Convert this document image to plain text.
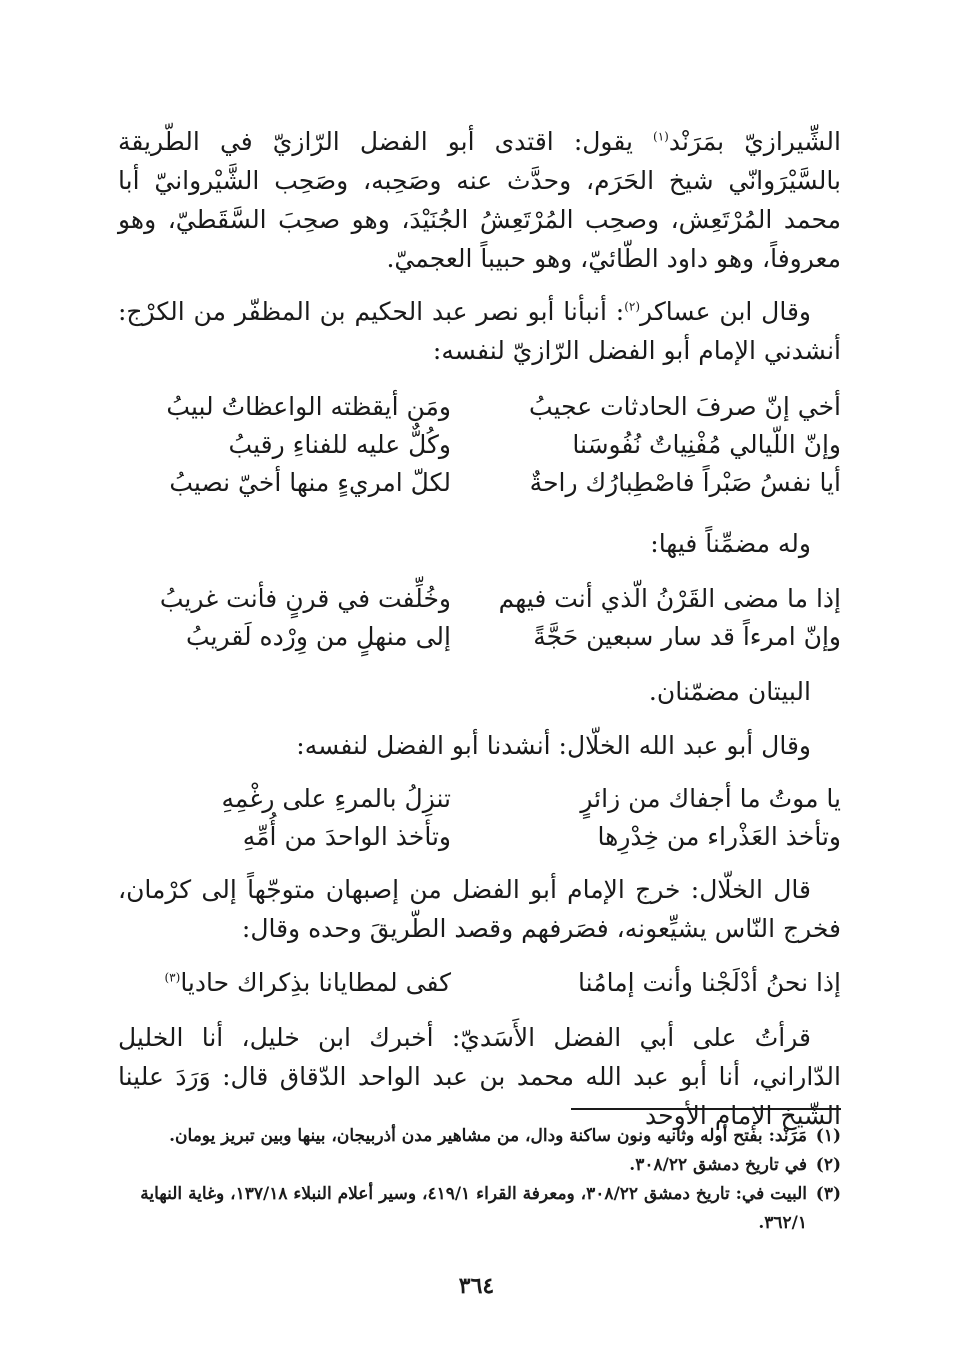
الشِّيرازيّ بمَرَنْد$^{(١)}$ يقول: اقتدى أبو الفضل الرّازيّ في الطّريقة بالسَّيْرَوانّي شيخ الحَرَم، وحدَّث عنه وصَحِبه، وصَحِب الشَّيْروانيّ أبا محمد المُرْتَعِش، وصحِب المُرْتَعِشُ الجُنَيْدَ، وهو صحِبَ السَّقَطيّ، وهو معروفاً، وهو داود الطّائيّ، وهو حبيباً العجميّ.

وقال ابن عساكر$^{(٢)}$: أنبأنا أبو نصر عبد الحكيم بن المظفّر من الكرْج: أنشدني الإمام أبو الفضل الرّازيّ لنفسه:

أخي إنّ صرفَ الحادثات عجيبُ
ومَن أيقظته الواعظاتُ لبيبُ
وإنّ اللّيالي مُفْنِياتٌ نُفُوسَنا
وكُلٌّ عليه للفناءِ رقيبُ
أيا نفسُ صَبْراً فاصْطِبارُك راحةٌ
لكلّ امريءٍ منها أخيّ نصيبُ

وله مضمِّناً فيها:

إذا ما مضى القَرْنُ الّذي أنت فيهم
وخُلِّفت في قرنٍ فأنت غريبُ
وإنّ امرءاً قد سار سبعين حَجَّةً
إلى منهلٍ من وِرْده لَقريبُ

البيتان مضمّنان.

وقال أبو عبد الله الخلّال: أنشدنا أبو الفضل لنفسه:

يا موتُ ما أجفاك من زائرٍ
تنزِلُ بالمرءِ على رغْمِهِ
وتأخذ العَذْراء من خِدْرِها
وتأخذ الواحدَ من أُمِّهِ

قال الخلّال: خرج الإمام أبو الفضل من إصبهان متوجّهاً إلى كرْمان، فخرج النّاس يشيِّعونه، فصَرفهم وقصد الطّريقَ وحده وقال:

إذا نحنُ أدْلَجْنا وأنت إمامُنا
كفى لمطايانا بذِكراك حاديا$^{(٣)}$

قرأتُ على أبي الفضل الأَسَديّ: أخبرك ابن خليل، أنا الخليل الدّاراني، أنا أبو عبد الله محمد بن عبد الواحد الدّقاق قال: وَرَدَ علينا الشّيخ الإمام الأوحد

(١)
مَرَنْد: بفتح أوله وثانيه ونون ساكنة ودال، من مشاهير مدن أذربيجان، بينها وبين تبريز يومان.
(٢)
في تاريخ دمشق ٣٠٨/٢٢.
(٣)
البيت في: تاريخ دمشق ٣٠٨/٢٢، ومعرفة القراء ٤١٩/١، وسير أعلام النبلاء ١٣٧/١٨، وغاية النهاية ٣٦٢/١.
٣٦٤
